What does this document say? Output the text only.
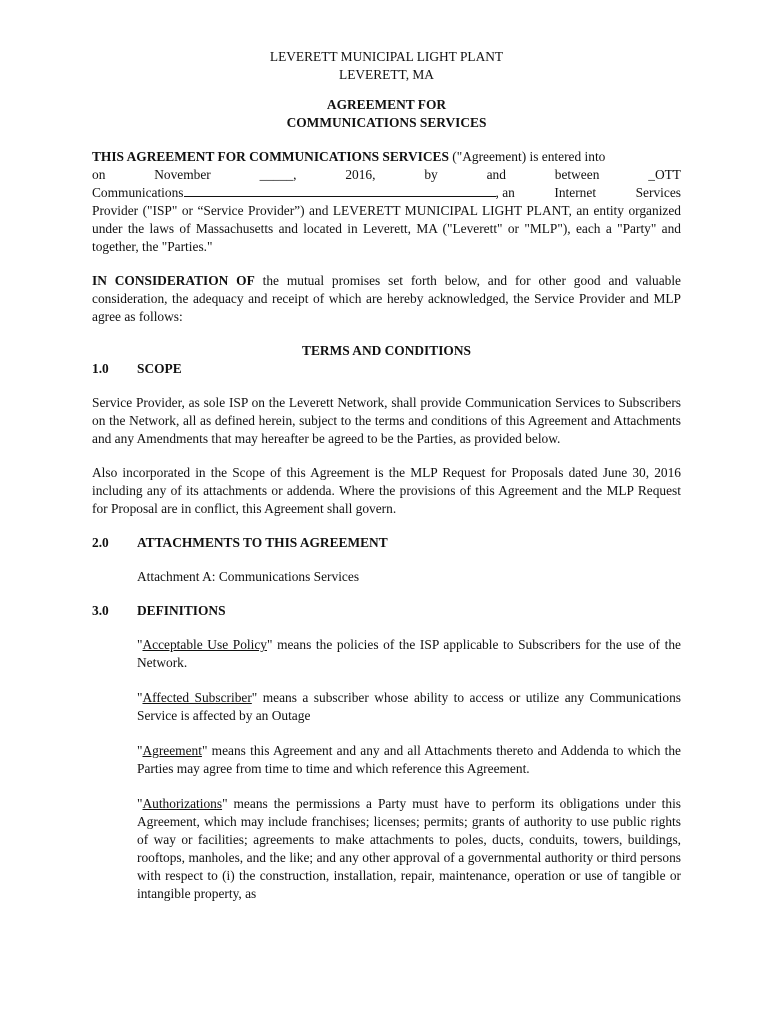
LEVERETT MUNICIPAL LIGHT PLANT
LEVERETT, MA
AGREEMENT FOR
COMMUNICATIONS SERVICES

THIS AGREEMENT FOR COMMUNICATIONS SERVICES ("Agreement) is entered into

on	November	_____,	2016,	by	and	between	_OTT
Communications	, an	Internet	Services

Provider ("ISP" or “Service Provider”) and LEVERETT MUNICIPAL LIGHT PLANT, an entity organized under the laws of Massachusetts and located in Leverett, MA ("Leverett" or "MLP"), each a "Party" and together, the "Parties."

IN CONSIDERATION OF the mutual promises set forth below, and for other good and valuable consideration, the adequacy and receipt of which are hereby acknowledged, the Service Provider and MLP agree as follows:

TERMS AND CONDITIONS
1.0	SCOPE

Service Provider, as sole ISP on the Leverett Network, shall provide Communication Services to Subscribers on the Network, all as defined herein, subject to the terms and conditions of this Agreement and Attachments and any Amendments that may hereafter be agreed to be the Parties, as provided below.

Also incorporated in the Scope of this Agreement is the MLP Request for Proposals dated June 30, 2016 including any of its attachments or addenda. Where the provisions of this Agreement and the MLP Request for Proposal are in conflict, this Agreement shall govern.

2.0	ATTACHMENTS TO THIS AGREEMENT
Attachment A: Communications Services
3.0	DEFINITIONS

"Acceptable Use Policy" means the policies of the ISP applicable to Subscribers for the use of the Network.

"Affected Subscriber" means a subscriber whose ability to access or utilize any Communications Service is affected by an Outage

"Agreement" means this Agreement and any and all Attachments thereto and Addenda to which the Parties may agree from time to time and which reference this Agreement.

"Authorizations" means the permissions a Party must have to perform its obligations under this Agreement, which may include franchises; licenses; permits; grants of authority to use public rights of way or facilities; agreements to make attachments to poles, ducts, conduits, towers, buildings, rooftops, manholes, and the like; and any other approval of a governmental authority or third persons with respect to (i) the construction, installation, repair, maintenance, operation or use of tangible or intangible property, as
